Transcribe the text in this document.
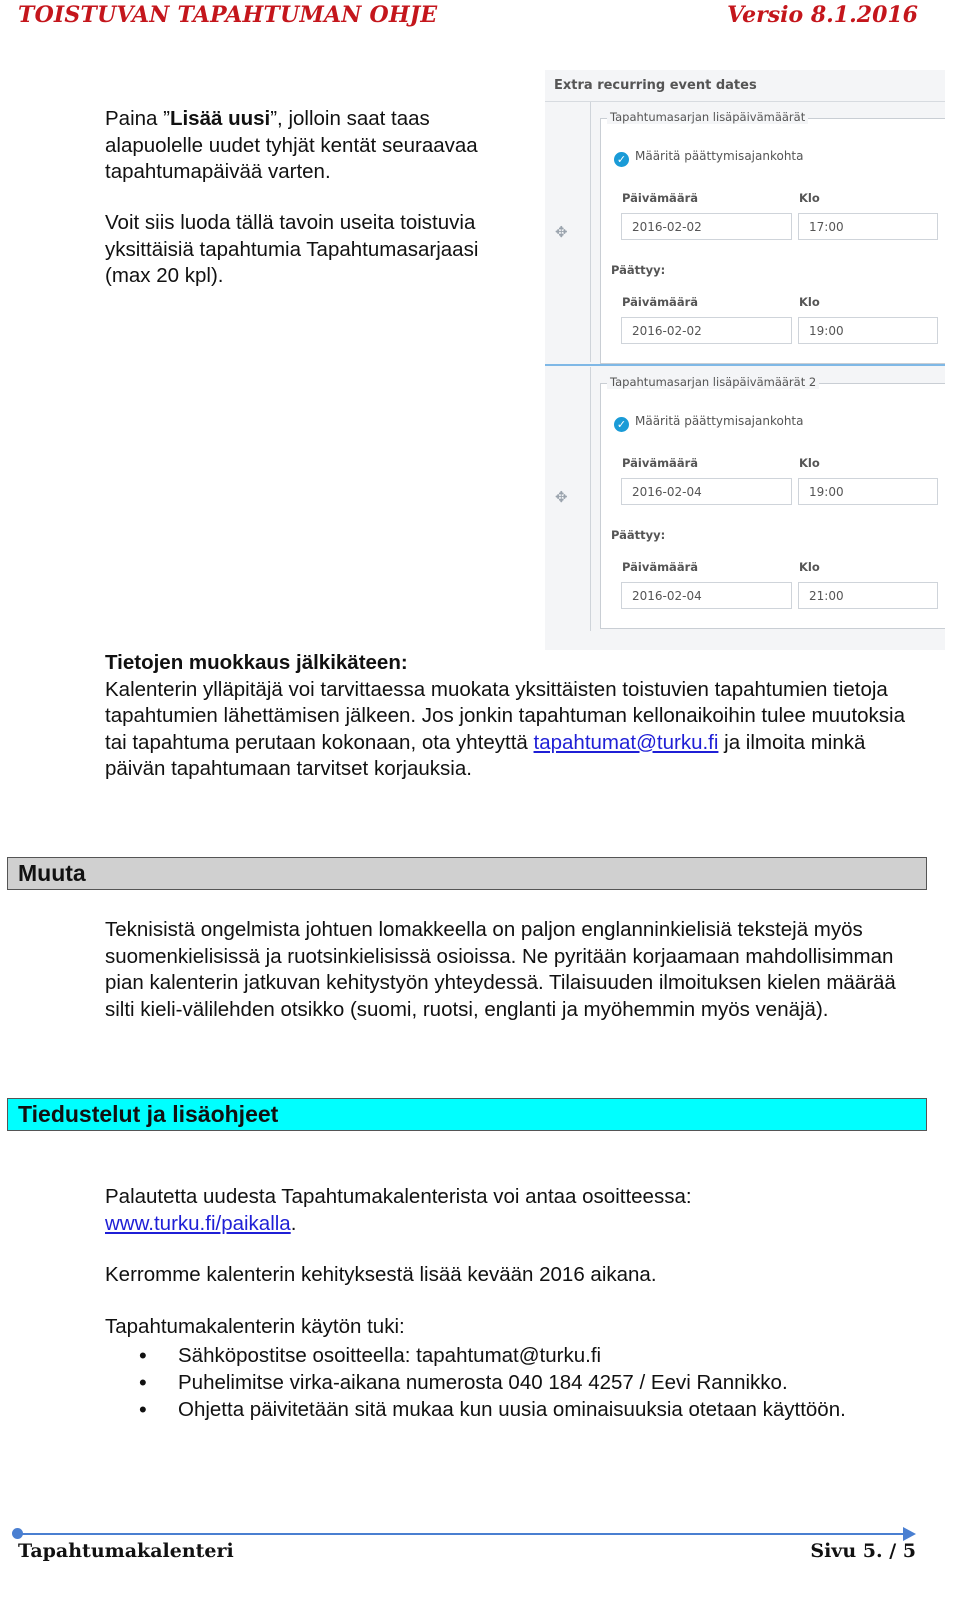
TOISTUVAN TAPAHTUMAN OHJE	Versio 8.1.2016

Paina ”Lisää uusi”, jolloin saat taas alapuolelle uudet tyhjät kentät seuraavaa tapahtumapäivää varten.

Voit siis luoda tällä tavoin useita toistuvia yksittäisiä tapahtumia Tapahtumasarjaasi (max 20 kpl).

Extra recurring event dates
✥
Tapahtumasarjan lisäpäivämäärät
✓ Määritä päättymisajankohta
Päivämäärä	Klo
2016-02-02	17:00
Päättyy:
Päivämäärä	Klo
2016-02-02	19:00
✥
Tapahtumasarjan lisäpäivämäärät 2
✓ Määritä päättymisajankohta
Päivämäärä	Klo
2016-02-04	19:00
Päättyy:
Päivämäärä	Klo
2016-02-04	21:00

Tietojen muokkaus jälkikäteen:
Kalenterin ylläpitäjä voi tarvittaessa muokata yksittäisten toistuvien tapahtumien tietoja tapahtumien lähettämisen jälkeen. Jos jonkin tapahtuman kellonaikoihin tulee muutoksia tai tapahtuma perutaan kokonaan, ota yhteyttä tapahtumat@turku.fi ja ilmoita minkä päivän tapahtumaan tarvitset korjauksia.

Muuta

Teknisistä ongelmista johtuen lomakkeella on paljon englanninkielisiä tekstejä myös suomenkielisissä ja ruotsinkielisissä osioissa. Ne pyritään korjaamaan mahdollisimman pian kalenterin jatkuvan kehitystyön yhteydessä. Tilaisuuden ilmoituksen kielen määrää silti kieli-välilehden otsikko (suomi, ruotsi, englanti ja myöhemmin myös venäjä).

Tiedustelut ja lisäohjeet

Palautetta uudesta Tapahtumakalenterista voi antaa osoitteessa:
www.turku.fi/paikalla.

Kerromme kalenterin kehityksestä lisää kevään 2016 aikana.

Tapahtumakalenterin käytön tuki:

• Sähköpostitse osoitteella: tapahtumat@turku.fi
• Puhelimitse virka-aikana numerosta 040 184 4257 / Eevi Rannikko.
• Ohjetta päivitetään sitä mukaa kun uusia ominaisuuksia otetaan käyttöön.
Tapahtumakalenteri	Sivu 5. / 5
